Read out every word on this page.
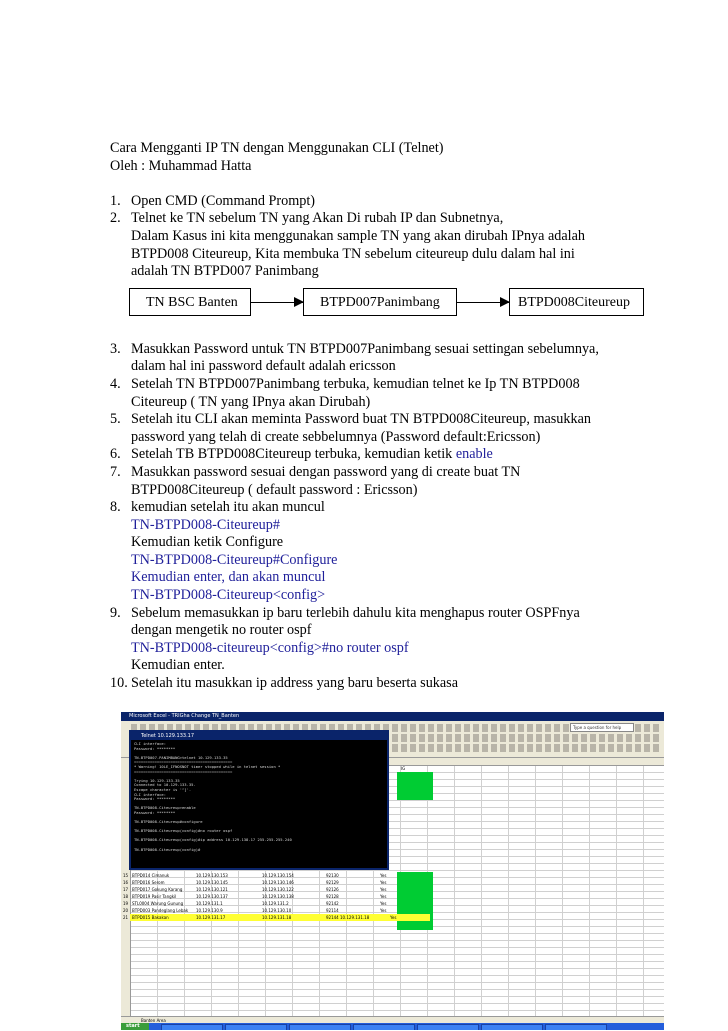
Cara Mengganti IP TN dengan Menggunakan CLI (Telnet)
Oleh : Muhammad Hatta
1. Open CMD (Command Prompt)
2. Telnet ke TN sebelum TN yang Akan Di rubah IP dan Subnetnya,
Dalam Kasus ini kita menggunakan sample TN yang akan dirubah IPnya adalah
BTPD008 Citeureup, Kita membuka TN sebelum citeureup dulu dalam hal ini
adalah TN BTPD007 Panimbang
3. Masukkan Password untuk TN BTPD007Panimbang sesuai settingan sebelumnya,
dalam hal ini password default adalah ericsson
4. Setelah TN BTPD007Panimbang terbuka, kemudian telnet ke Ip TN BTPD008
Citeureup ( TN yang IPnya akan Dirubah)
5. Setelah itu CLI akan meminta Password buat TN BTPD008Citeureup, masukkan
password yang telah di create sebbelumnya (Password default:Ericsson)
6. Setelah TB BTPD008Citeureup terbuka, kemudian ketik enable
7. Masukkan password sesuai dengan password yang di create buat TN
BTPD008Citeureup ( default password : Ericsson)
8. kemudian setelah itu akan muncul
TN-BTPD008-Citeureup#
Kemudian ketik Configure
TN-BTPD008-Citeureup#Configure
Kemudian enter, dan akan muncul
TN-BTPD008-Citeureup<config>
9. Sebelum memasukkan ip baru terlebih dahulu kita menghapus router OSPFnya
dengan mengetik no router ospf
TN-BTPD008-citeureup<config>#no router ospf
Kemudian enter.
10. Setelah itu masukkan ip address yang baru beserta sukasa
TN BSC Banten	BTPD007Panimbang	BTPD008Citeureup
Microsoft Excel - TRIGha Change TN_Banten
Type a question for help
IG
Telnet 10.129.133.17
CLI interface:
Password: ********

TN-BTPD007-PANIMBANG>telnet 10.129.133.35
===========================================
* Warning! 10LE_IFNOSNOT timer stopped while in telnet session *
===========================================

Trying 10.129.133.35
Connected to 10.129.133.35.
Escape character is '^]'.
CLI interface:
Password: ********

TN-BTPD008-Citeureup>enable
Password: ********

TN-BTPD008-Citeureup#configure

TN-BTPD008-Citeureup(config)#no router ospf

TN-BTPD008-Citeureup(config)#ip address 10.129.138.17 255.255.255.240

TN-BTPD008-Citeureup(config)#
15 BTPD014 Cimanuk	10.129.130.153	10.129.130.154	92130	Yes
16 BTPD016 Serom	10.129.130.145	10.129.130.146	92129	Yes
17 BTPD017 Gokung Karang	10.129.130.121	10.129.130.122	92126	Yes
18 BTPD019 Pasir Tangkil	10.129.130.137	10.129.130.138	92128	Yes
19 STL0004 Warung Gunung	10.129.131.1	10.129.131.2	92142	Yes
20 BTPD003 Pandeglang Lebak 10.129.130.9	10.129.130.10	92114	Yes
21 BTPD015 Bakakan	10.129.131.17	10.129.131.18	92144 10.129.131.18	Yes
Banten Area
start
